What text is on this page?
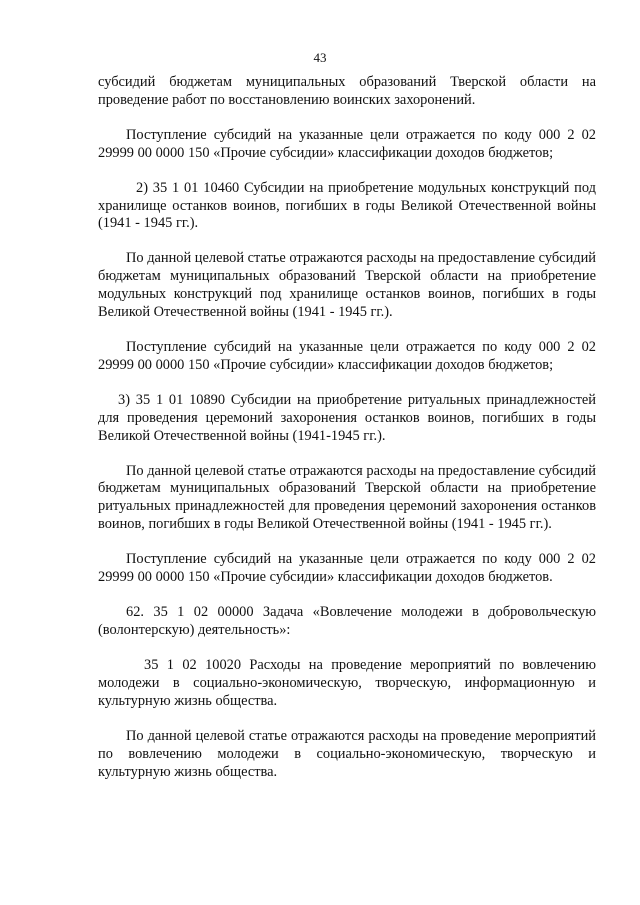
43

субсидий бюджетам муниципальных образований Тверской области на проведение работ по восстановлению воинских захоронений.

Поступление субсидий на указанные цели отражается по коду 000 2 02 29999 00 0000 150 «Прочие субсидии» классификации доходов бюджетов;

2) 35 1 01 10460 Субсидии на приобретение модульных конструкций под хранилище останков воинов, погибших в годы Великой Отечественной войны (1941 - 1945 гг.).

По данной целевой статье отражаются расходы на предоставление субсидий бюджетам муниципальных образований Тверской области на приобретение модульных конструкций под хранилище останков воинов, погибших в годы Великой Отечественной войны (1941 - 1945 гг.).

Поступление субсидий на указанные цели отражается по коду 000 2 02 29999 00 0000 150 «Прочие субсидии» классификации доходов бюджетов;

3) 35 1 01 10890 Субсидии на приобретение ритуальных принадлежностей для проведения церемоний захоронения останков воинов, погибших в годы Великой Отечественной войны (1941-1945 гг.).

По данной целевой статье отражаются расходы на предоставление субсидий бюджетам муниципальных образований Тверской области на приобретение ритуальных принадлежностей для проведения церемоний захоронения останков воинов, погибших в годы Великой Отечественной войны (1941 - 1945 гг.).

Поступление субсидий на указанные цели отражается по коду 000 2 02 29999 00 0000 150 «Прочие субсидии» классификации доходов бюджетов.

62. 35 1 02 00000 Задача «Вовлечение молодежи в добровольческую (волонтерскую) деятельность»:

35 1 02 10020 Расходы на проведение мероприятий по вовлечению молодежи в социально-экономическую, творческую, информационную и культурную жизнь общества.

По данной целевой статье отражаются расходы на проведение мероприятий по вовлечению молодежи в социально-экономическую, творческую и культурную жизнь общества.
